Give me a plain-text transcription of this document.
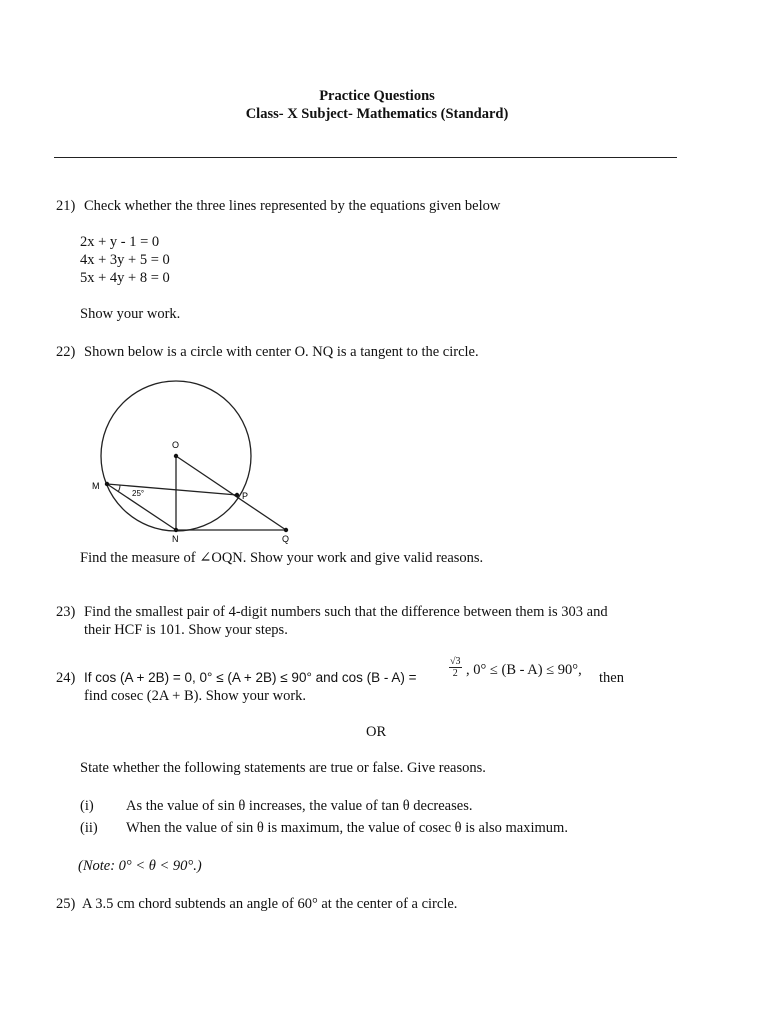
Practice Questions
Class- X Subject- Mathematics (Standard)
21) Check whether the three lines represented by the equations given below
2x + y - 1 = 0
4x + 3y + 5 = 0
5x + 4y + 8 = 0
Show your work.
22) Shown below is a circle with center O. NQ is a tangent to the circle.
O
M
P
N	Q
25°
Find the measure of ∠OQN. Show your work and give valid reasons.
23) Find the smallest pair of 4-digit numbers such that the difference between them is 303 and
their HCF is 101. Show your steps.
24) If cos (A + 2B) = 0, 0° ≤ (A + 2B) ≤ 90° and cos (B - A) =	$\frac{√3}{2}$ , 0° ≤ (B - A) ≤ 90°, then
find cosec (2A + B). Show your work.
OR
State whether the following statements are true or false. Give reasons.
(i) As the value of sin θ increases, the value of tan θ decreases.
(ii) When the value of sin θ is maximum, the value of cosec θ is also maximum.
(Note: 0° < θ < 90°.)
25) A 3.5 cm chord subtends an angle of 60° at the center of a circle.
